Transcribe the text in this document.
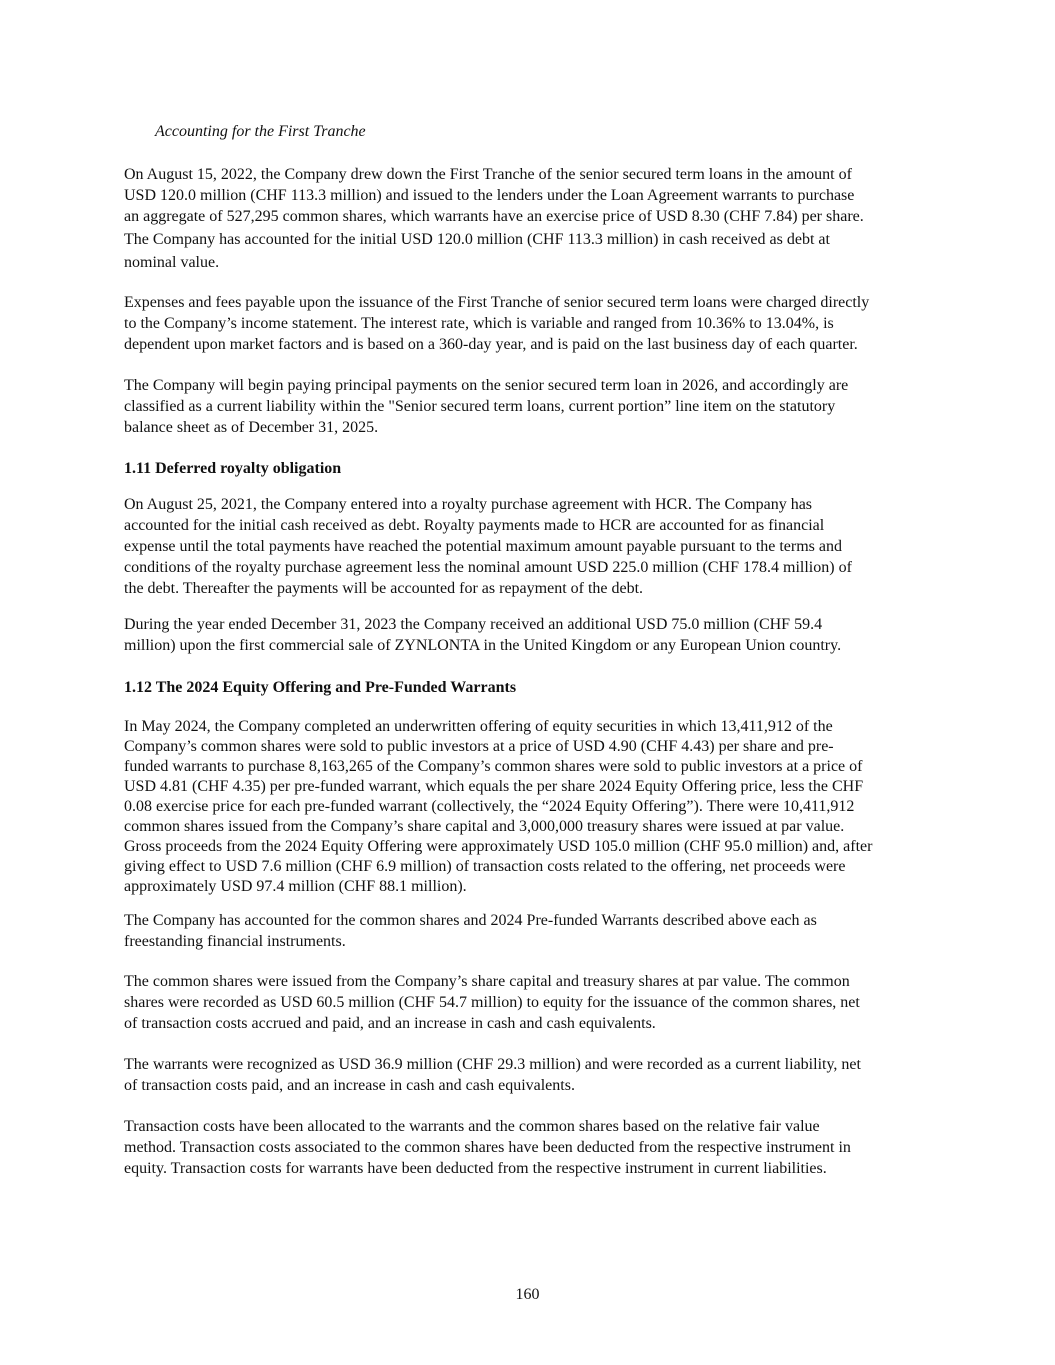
Accounting for the First Tranche

On August 15, 2022, the Company drew down the First Tranche of the senior secured term loans in the amount of
USD 120.0 million (CHF 113.3 million) and issued to the lenders under the Loan Agreement warrants to purchase
an aggregate of 527,295 common shares, which warrants have an exercise price of USD 8.30 (CHF 7.84) per share.
The Company has accounted for the initial USD 120.0 million (CHF 113.3 million) in cash received as debt at
nominal value.
Expenses and fees payable upon the issuance of the First Tranche of senior secured term loans were charged directly
to the Company’s income statement. The interest rate, which is variable and ranged from 10.36% to 13.04%, is
dependent upon market factors and is based on a 360-day year, and is paid on the last business day of each quarter.
The Company will begin paying principal payments on the senior secured term loan in 2026, and accordingly are
classified as a current liability within the "Senior secured term loans, current portion” line item on the statutory
balance sheet as of December 31, 2025.

1.11 Deferred royalty obligation

On August 25, 2021, the Company entered into a royalty purchase agreement with HCR. The Company has
accounted for the initial cash received as debt. Royalty payments made to HCR are accounted for as financial
expense until the total payments have reached the potential maximum amount payable pursuant to the terms and
conditions of the royalty purchase agreement less the nominal amount USD 225.0 million (CHF 178.4 million) of
the debt. Thereafter the payments will be accounted for as repayment of the debt.
During the year ended December 31, 2023 the Company received an additional USD 75.0 million (CHF 59.4
million) upon the first commercial sale of ZYNLONTA in the United Kingdom or any European Union country.

1.12 The 2024 Equity Offering and Pre-Funded Warrants

In May 2024, the Company completed an underwritten offering of equity securities in which 13,411,912 of the
Company’s common shares were sold to public investors at a price of USD 4.90 (CHF 4.43) per share and pre-
funded warrants to purchase 8,163,265 of the Company’s common shares were sold to public investors at a price of
USD 4.81 (CHF 4.35) per pre-funded warrant, which equals the per share 2024 Equity Offering price, less the CHF
0.08 exercise price for each pre-funded warrant (collectively, the “2024 Equity Offering”). There were 10,411,912
common shares issued from the Company’s share capital and 3,000,000 treasury shares were issued at par value.
Gross proceeds from the 2024 Equity Offering were approximately USD 105.0 million (CHF 95.0 million) and, after
giving effect to USD 7.6 million (CHF 6.9 million) of transaction costs related to the offering, net proceeds were
approximately USD 97.4 million (CHF 88.1 million).
The Company has accounted for the common shares and 2024 Pre-funded Warrants described above each as
freestanding financial instruments.
The common shares were issued from the Company’s share capital and treasury shares at par value. The common
shares were recorded as USD 60.5 million (CHF 54.7 million) to equity for the issuance of the common shares, net
of transaction costs accrued and paid, and an increase in cash and cash equivalents.
The warrants were recognized as USD 36.9 million (CHF 29.3 million) and were recorded as a current liability, net
of transaction costs paid, and an increase in cash and cash equivalents.
Transaction costs have been allocated to the warrants and the common shares based on the relative fair value
method. Transaction costs associated to the common shares have been deducted from the respective instrument in
equity. Transaction costs for warrants have been deducted from the respective instrument in current liabilities.
160
